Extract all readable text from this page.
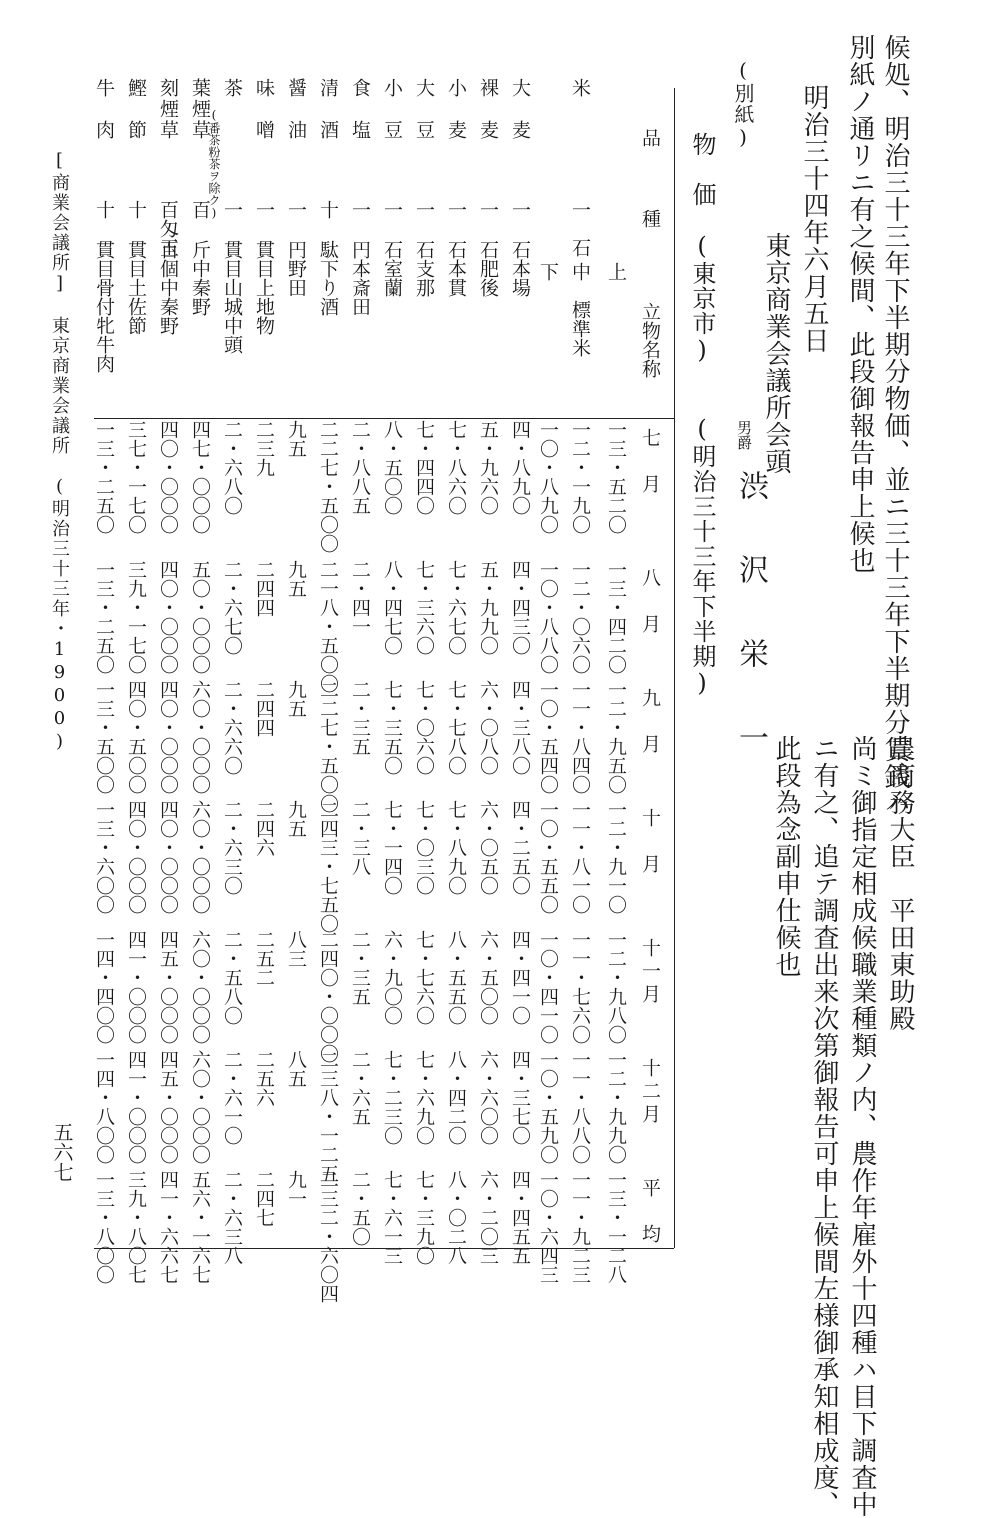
候処、明治三十三年下半期分物価、並ニ三十三年下半期分賃銭ハ
別紙ノ通リニ有之候間、此段御報告申上候也
明治三十四年六月五日
東京商業会議所会頭
男爵
渋　沢　栄　一
農商務大臣　平田東助殿
尚ミ御指定相成候職業種類ノ内、農作年雇外十四種ハ目下調査中
ニ有之、追テ調査出来次第御報告可申上候間左様御承知相成度、
此段為念副申仕候也
(別紙)
物　価　(東京市)　　(明治三十三年下半期)
品　　種
立物名称
七　月
八　月
九　月
十　月
十一月
十二月
平　均
米
一　石
上
一三・五二〇
一三・四二〇
一二・九五〇
一二・九一〇
一二・九八〇
一二・九九〇
一三・一二八
中　標準米
一二・一九〇
一二・〇六〇
一一・八四〇
一一・八一〇
一一・七六〇
一一・八八〇
一一・九二三
下
一〇・八九〇
一〇・八八〇
一〇・五四〇
一〇・五五〇
一〇・四一〇
一〇・五九〇
一〇・六四三
大　麦
一
石本場
四・八九〇
四・四三〇
四・三八〇
四・二五〇
四・四一〇
四・三七〇
四・四五五
裸　麦
一
石肥後
五・九六〇
五・九九〇
六・〇八〇
六・〇五〇
六・五〇〇
六・六〇〇
六・二〇三
小　麦
一
石本貫
七・八六〇
七・六七〇
七・七八〇
七・八九〇
八・五五〇
八・四二〇
八・〇二八
大　豆
一
石支那
七・四四〇
七・三六〇
七・〇六〇
七・〇三〇
七・七六〇
七・六九〇
七・三九〇
小　豆
一
石室蘭
八・五〇〇
八・四七〇
七・三五〇
七・一四〇
六・九〇〇
七・二三〇
七・六一三
食　塩
一
円本斎田
二・八八五
二・四一
二・三五
二・三八
二・三五
二・六五
二・五〇
清　酒
十
駄下り酒
二二七・五〇〇
二一八・五〇〇
二二七・五〇〇
二四三・七五〇
二四〇・〇〇〇
二三八・一二五
二三二・六〇四
醤　油
一
円野田
九五
九五
九五
九五
八三
八五
九一
味　噌
一
貫目上地物
二三九
二四四
二四四
二四六
二五二
二五六
二四七
茶
(番茶粉茶ヲ除ク) 一
貫目山城中頭
二・六八〇
二・六七〇
二・六六〇
二・六三〇
二・五八〇
二・六一〇
二・六三八
葉煙草
百
斤中秦野
四七・〇〇〇
五〇・〇〇〇
六〇・〇〇〇
六〇・〇〇〇
六〇・〇〇〇
六〇・〇〇〇
五六・一六七
刻煙草
百匁玉
百個中秦野
四〇・〇〇〇
四〇・〇〇〇
四〇・〇〇〇
四〇・〇〇〇
四五・〇〇〇
四五・〇〇〇
四一・六六七
鰹　節
十
貫目土佐節
三七・一七〇
三九・一七〇
四〇・五〇〇
四〇・〇〇〇
四一・〇〇〇
四一・〇〇〇
三九・八〇七
牛　肉
十
貫目骨付牝牛肉
一三・二五〇
一三・二五〇
一三・五〇〇
一三・六〇〇
一四・四〇〇
一四・八〇〇
一三・八〇〇
[商業会議所]　東京商業会議所　(明治三十三年・1900)
五六七
